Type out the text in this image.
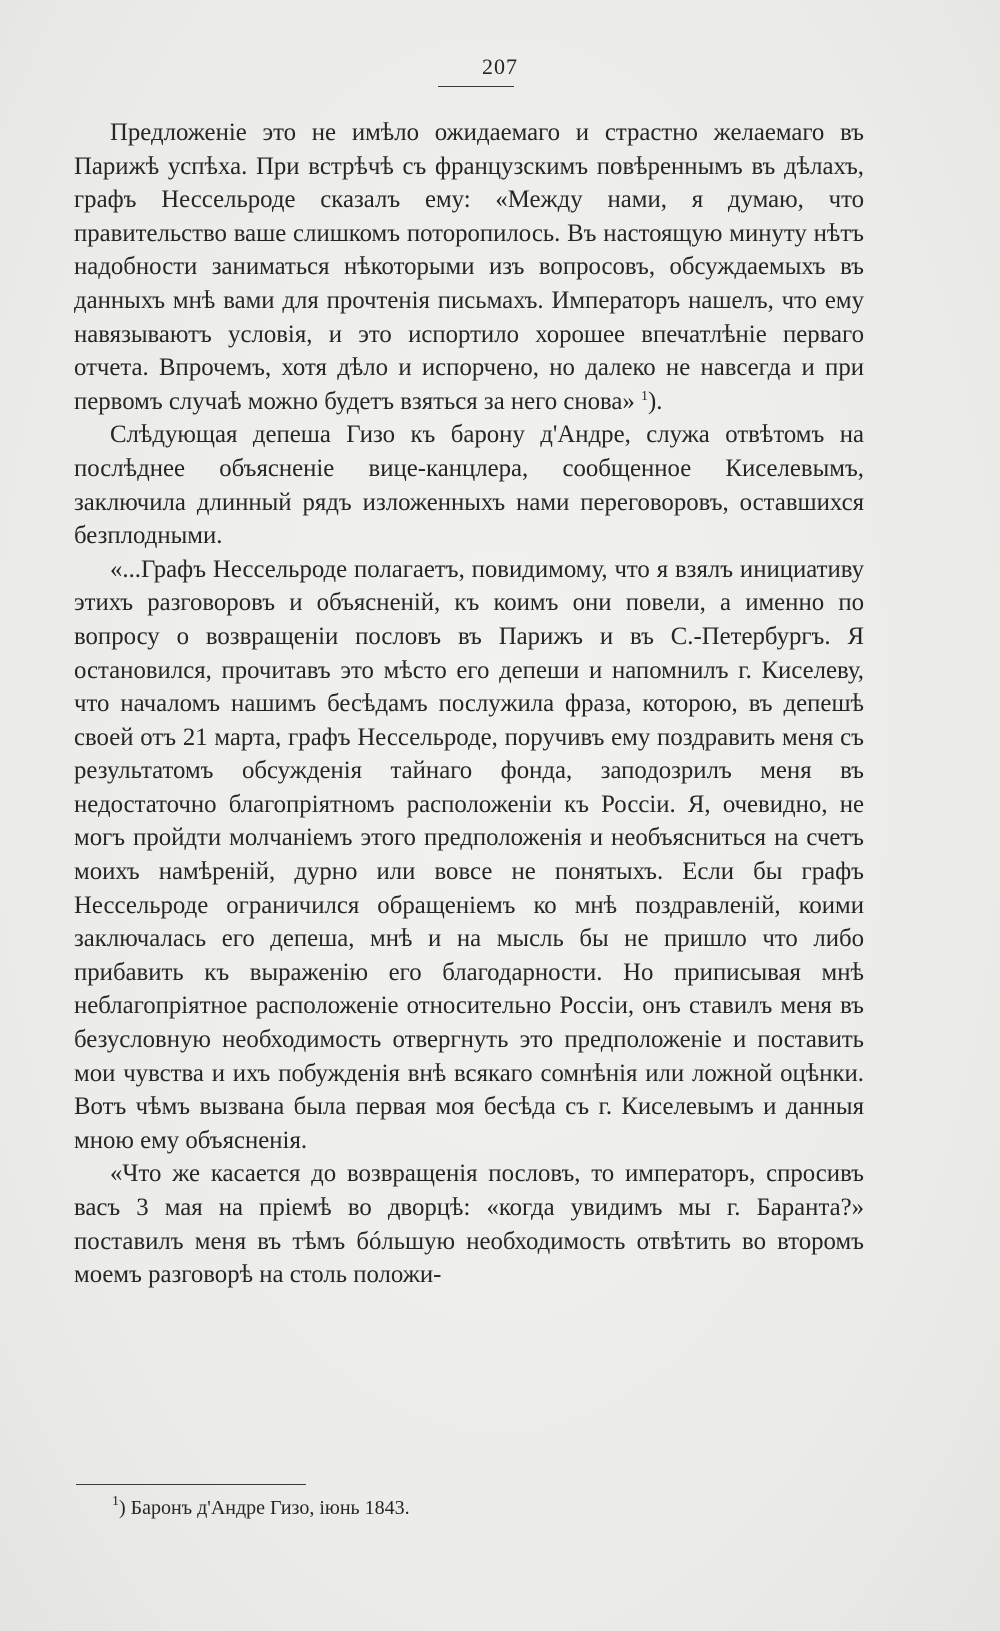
207

Предложеніе это не имѣло ожидаемаго и страстно желаемаго въ Парижѣ успѣха. При встрѣчѣ съ французскимъ повѣреннымъ въ дѣлахъ, графъ Нессельроде сказалъ ему: «Между нами, я думаю, что правительство ваше слишкомъ поторопилось. Въ настоящую минуту нѣтъ надобности заниматься нѣкоторыми изъ вопросовъ, обсуждаемыхъ въ данныхъ мнѣ вами для прочтенія письмахъ. Императоръ нашелъ, что ему навязываютъ условія, и это испортило хорошее впечатлѣніе перваго отчета. Впрочемъ, хотя дѣло и испорчено, но далеко не навсегда и при первомъ случаѣ можно будетъ взяться за него снова» $^1$).

Слѣдующая депеша Гизо къ барону д'Андре, служа отвѣтомъ на послѣднее объясненіе вице-канцлера, сообщенное Киселевымъ, заключила длинный рядъ изложенныхъ нами переговоровъ, оставшихся безплодными.

«...Графъ Нессельроде полагаетъ, повидимому, что я взялъ инициативу этихъ разговоровъ и объясненій, къ коимъ они повели, а именно по вопросу о возвращеніи пословъ въ Парижъ и въ С.-Петербургъ. Я остановился, прочитавъ это мѣсто его депеши и напомнилъ г. Киселеву, что началомъ нашимъ бесѣдамъ послужила фраза, которою, въ депешѣ своей отъ 21 марта, графъ Нессельроде, поручивъ ему поздравить меня съ результатомъ обсужденія тайнаго фонда, заподозрилъ меня въ недостаточно благопріятномъ расположеніи къ Россіи. Я, очевидно, не могъ пройдти молчаніемъ этого предположенія и необъясниться на счетъ моихъ намѣреній, дурно или вовсе не понятыхъ. Если бы графъ Нессельроде ограничился обращеніемъ ко мнѣ поздравленій, коими заключалась его депеша, мнѣ и на мысль бы не пришло что либо прибавить къ выраженію его благодарности. Но приписывая мнѣ неблагопріятное расположеніе относительно Россіи, онъ ставилъ меня въ безусловную необходимость отвергнуть это предположеніе и поставить мои чувства и ихъ побужденія внѣ всякаго сомнѣнія или ложной оцѣнки. Вотъ чѣмъ вызвана была первая моя бесѣда съ г. Киселевымъ и данныя мною ему объясненія.

«Что же касается до возвращенія пословъ, то императоръ, спросивъ васъ 3 мая на пріемѣ во дворцѣ: «когда увидимъ мы г. Баранта?» поставилъ меня въ тѣмъ бóльшую необходимость отвѣтить во второмъ моемъ разговорѣ на столь положи-

$^1$) Баронъ д'Андре Гизо, іюнь 1843.
